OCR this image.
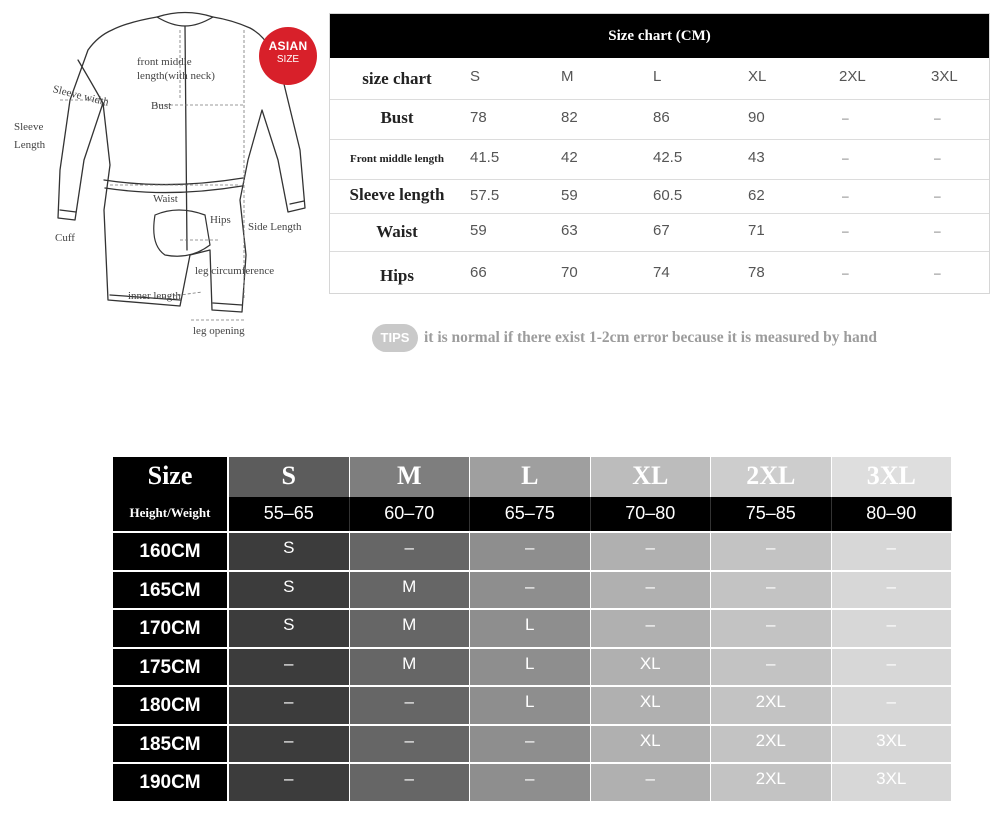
front middle
length(with neck)
Sleeve width	Bust
Sleeve
Length
Waist
Hips
Side Length
Cuff
leg circumference
inner length
leg opening
ASIAN
SIZE
Size chart (CM)
size chart	S	M	L	XL	2XL	3XL
Bust	78	82	86	90	–	–
Front middle length	41.5	42	42.5	43	–	–
Sleeve length	57.5	59	60.5	62	–	–
Waist	59	63	67	71	–	–
Hips	66	70	74	78	–	–
TIPS it is normal if there exist 1-2cm error because it is measured by hand
Size	S	M	L	XL	2XL	3XL
Height/Weight	55–65	60–70	65–75	70–80	75–85	80–90
160CM	S	–	–	–	–	–
165CM	S	M	–	–	–	–
170CM	S	M	L	–	–	–
175CM	–	M	L	XL	–	–
180CM	–	–	L	XL	2XL	–
185CM	–	–	–	XL	2XL	3XL
190CM	–	–	–	–	2XL	3XL
